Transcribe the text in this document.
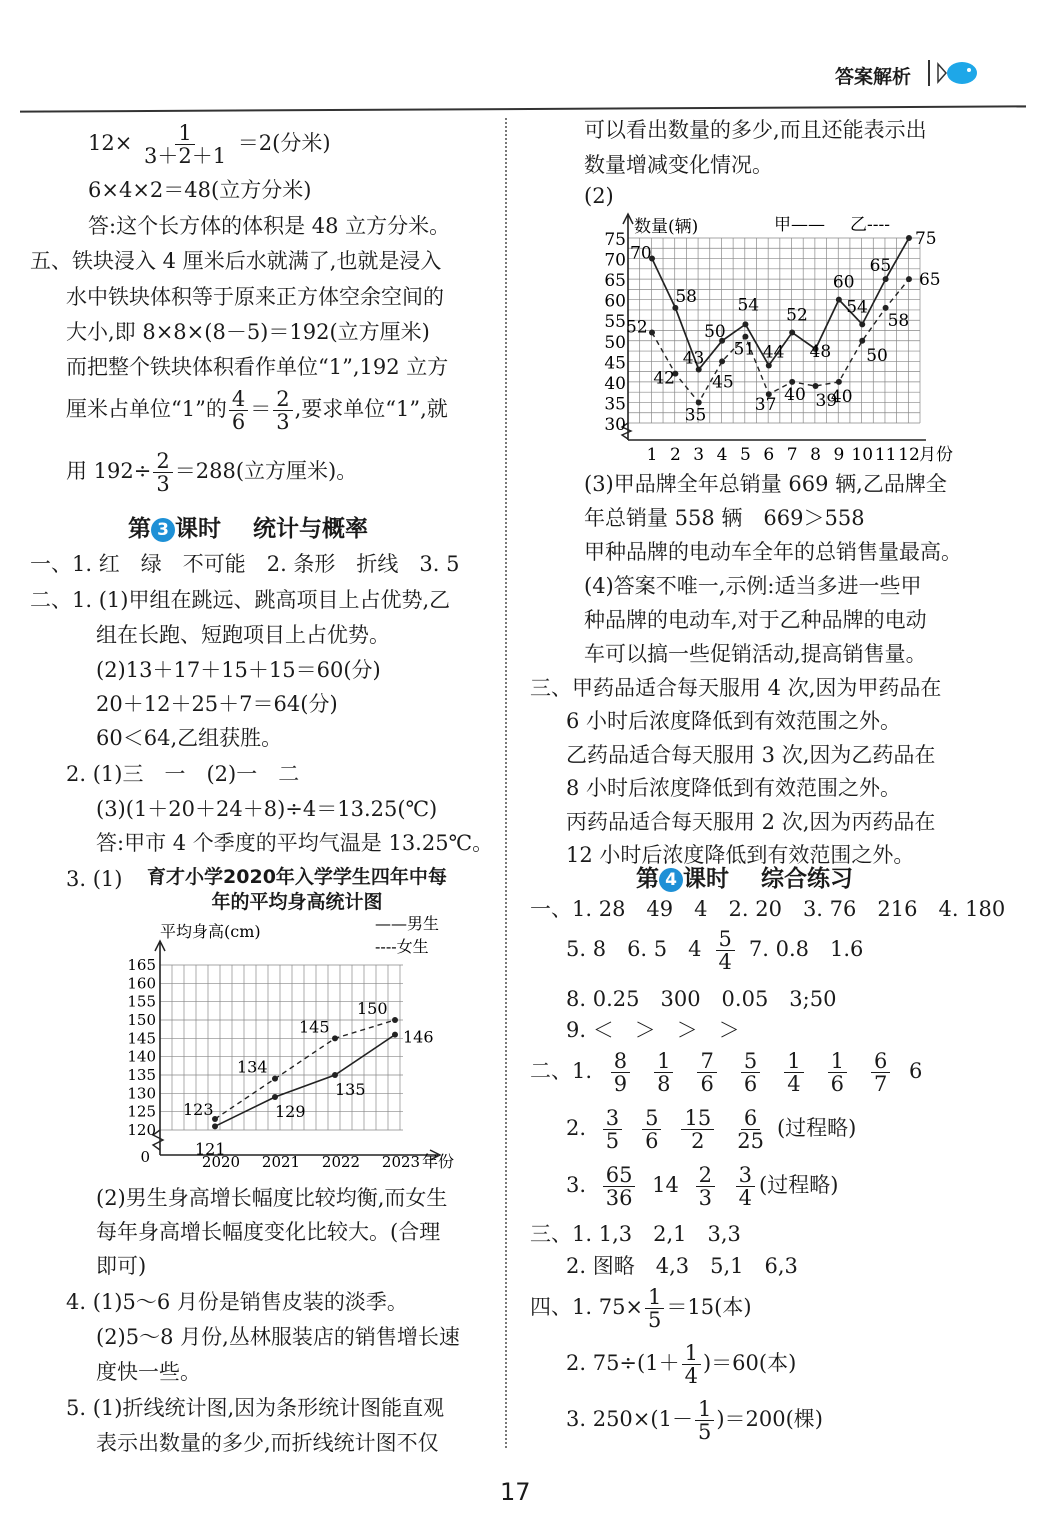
答案解析
$12\times \frac{1}{3+2+1} =2$(分米)
6×4×2＝48(立方分米)
答:这个长方体的体积是 48 立方分米。
五、铁块浸入 4 厘米后水就满了,也就是浸入
水中铁块体积等于原来正方体空余空间的
大小,即 8×8×(8－5)＝192(立方厘米)
而把整个铁块体积看作单位“1”,192 立方
厘米占单位“1”的 $\frac{4}{6} = \frac{2}{3}$ ,要求单位“1”,就
用 $192\div \frac{2}{3} =288$(立方厘米)。
第 3 课时 统计与概率
一、1. 红　绿　不可能　2. 条形　折线　3. 5
二、1. (1)甲组在跳远、跳高项目上占优势,乙
组在长跑、短跑项目上占优势。
(2)13＋17＋15＋15＝60(分)
20＋12＋25＋7＝64(分)
60＜64,乙组获胜。
2. (1)三　一　(2)一　二
(3)(1＋20＋24＋8)÷4＝13.25(℃)
答:甲市 4 个季度的平均气温是 13.25℃。
3. (1) 育才小学2020年入学学生四年中每年的平均身高统计图
平均身高(cm)
120
125
130
135
140
145
150
155
160
165
0	2020 2021 2022 2023 年份
——男生
----女生
121
129
135
146
123
134
145
150
(2)男生身高增长幅度比较均衡,而女生
每年身高增长幅度变化比较大。(合理
即可)
4. (1)5～6 月份是销售皮装的淡季。
(2)5～8 月份,丛林服装店的销售增长速
度快一些。
5. (1)折线统计图,因为条形统计图能直观
表示出数量的多少,而折线统计图不仅
可以看出数量的多少,而且还能表示出
数量增减变化情况。
(2)
数量(辆)	甲—— 乙----
30
35
40
45
50
55
60
65
70
75
1 2 3 4 5 6 7 8 9 10 11 12 月份
70
58
43
50
54
44
52
48
60
54
65
75
52
42
35
45
51
37
40 39
40
50
58
65
(3)甲品牌全年总销量 669 辆,乙品牌全
年总销量 558 辆　669＞558
甲种品牌的电动车全年的总销售量最高。
(4)答案不唯一,示例:适当多进一些甲
种品牌的电动车,对于乙种品牌的电动
车可以搞一些促销活动,提高销售量。
三、甲药品适合每天服用 4 次,因为甲药品在
6 小时后浓度降低到有效范围之外。
乙药品适合每天服用 3 次,因为乙药品在
8 小时后浓度降低到有效范围之外。
丙药品适合每天服用 2 次,因为丙药品在
12 小时后浓度降低到有效范围之外。
第 4 课时 综合练习
一、1. 28　49　4　2. 20　3. 76　216　4. 180
5. 8　6. 5　$4 \frac{5}{4} 7$. 0.8　1.6
8. 0.25　300　0.05　3;50
9. ＜　＞　＞　＞
二、1. $\frac{8}{9} \frac{1}{8} \frac{7}{6} \frac{5}{6} \frac{1}{4} \frac{1}{6} \frac{6}{7} 6$
2. $\frac{3}{5} \frac{5}{6} \frac{15}{2} \frac{6}{25}$ (过程略)
3. $\frac{65}{36} 14 \frac{2}{3}$
$\frac{3}{4}$ (过程略)
三、1. 1,3　2,1　3,3
2. 图略　4,3　5,1　6,3
四、1. $75\times \frac{1}{5} =15$(本)
2. $75\div(1+ \frac{1}{4} )=60$(本)
3. $250\times(1- \frac{1}{5} )=200$(棵)
17
